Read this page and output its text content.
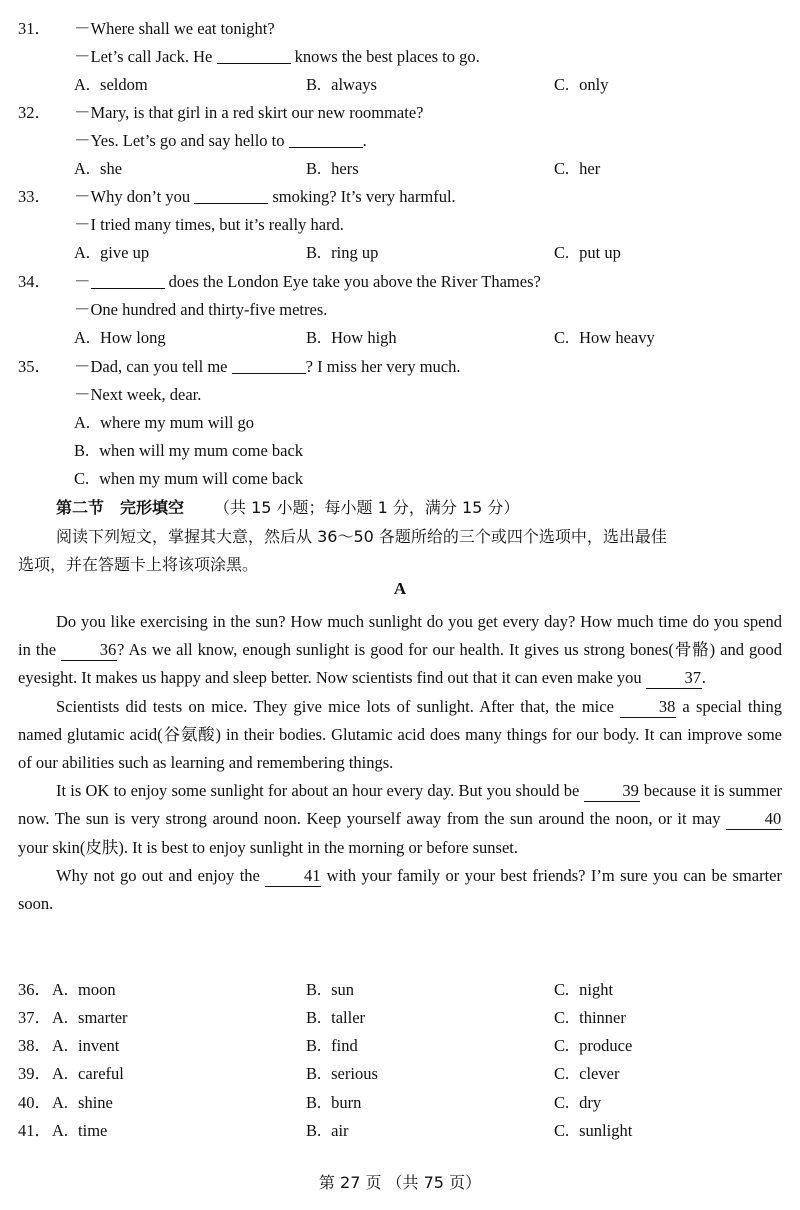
31． －Where shall we eat tonight?
－Let’s call Jack. He	knows the best places to go.
A. seldom	B. always	C. only
32． －Mary, is that girl in a red skirt our new roommate?
－Yes. Let’s go and say hello to	.
A. she	B. hers	C. her
33． －Why don’t you	smoking? It’s very harmful.
－I tried many times, but it’s really hard.
A. give up	B. ring up	C. put up
34． －	does the London Eye take you above the River Thames?
－One hundred and thirty-five metres.
A. How long	B. How high	C. How heavy
35． －Dad, can you tell me	? I miss her very much.
－Next week, dear.
A. where my mum will go
B. when will my mum come back
C. when my mum will come back
第二节　完形填空 （共 15 小题；每小题 1 分，满分 15 分）
阅读下列短文，掌握其大意，然后从 36～50 各题所给的三个或四个选项中，选出最佳
选项，并在答题卡上将该项涂黑。
A

Do you like exercising in the sun? How much sunlight do you get every day? How much time do you spend in the 36? As we all know, enough sunlight is good for our health. It gives us strong bones(骨骼) and good eyesight. It makes us happy and sleep better. Now scientists find out that it can even make you 37.

Scientists did tests on mice. They give mice lots of sunlight. After that, the mice 38 a special thing named glutamic acid(谷氨酸) in their bodies. Glutamic acid does many things for our body. It can improve some of our abilities such as learning and remembering things.

It is OK to enjoy some sunlight for about an hour every day. But you should be 39 because it is summer now. The sun is very strong around noon. Keep yourself away from the sun around the noon, or it may 40 your skin(皮肤). It is best to enjoy sunlight in the morning or before sunset.

Why not go out and enjoy the 41 with your family or your best friends? I’m sure you can be smarter soon.

36． A. moon	B. sun	C. night
37． A. smarter	B. taller	C. thinner
38． A. invent	B. find	C. produce
39． A. careful	B. serious	C. clever
40． A. shine	B. burn	C. dry
41． A. time	B. air	C. sunlight
第 27 页 （共 75 页）
